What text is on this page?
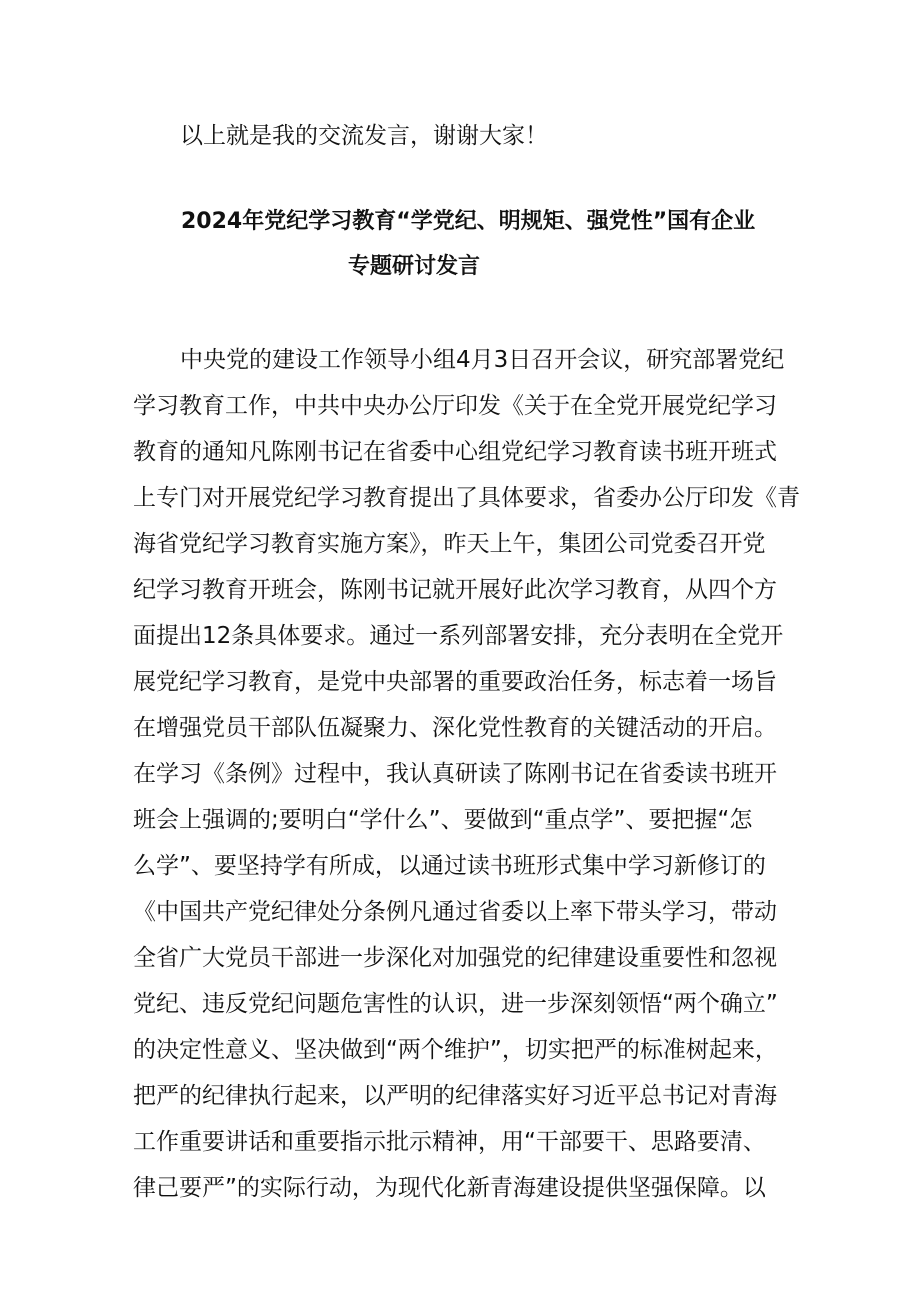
以上就是我的交流发言，谢谢大家！
2024年党纪学习教育“学党纪、明规矩、强党性”国有企业
专题研讨发言
中央党的建设工作领导小组4月3日召开会议，研究部署党纪
学习教育工作，中共中央办公厅印发《关于在全党开展党纪学习
教育的通知凡陈刚书记在省委中心组党纪学习教育读书班开班式
上专门对开展党纪学习教育提出了具体要求，省委办公厅印发《青
海省党纪学习教育实施方案》，昨天上午，集团公司党委召开党
纪学习教育开班会，陈刚书记就开展好此次学习教育，从四个方
面提出12条具体要求。通过一系列部署安排，充分表明在全党开
展党纪学习教育，是党中央部署的重要政治任务，标志着一场旨
在增强党员干部队伍凝聚力、深化党性教育的关键活动的开启。
在学习《条例》过程中，我认真研读了陈刚书记在省委读书班开
班会上强调的;要明白“学什么”、要做到“重点学”、要把握“怎
么学”、要坚持学有所成，以通过读书班形式集中学习新修订的
《中国共产党纪律处分条例凡通过省委以上率下带头学习，带动
全省广大党员干部进一步深化对加强党的纪律建设重要性和忽视
党纪、违反党纪问题危害性的认识，进一步深刻领悟“两个确立”
的决定性意义、坚决做到“两个维护”，切实把严的标准树起来，
把严的纪律执行起来，以严明的纪律落实好习近平总书记对青海
工作重要讲话和重要指示批示精神，用“干部要干、思路要清、
律己要严”的实际行动，为现代化新青海建设提供坚强保障。以
